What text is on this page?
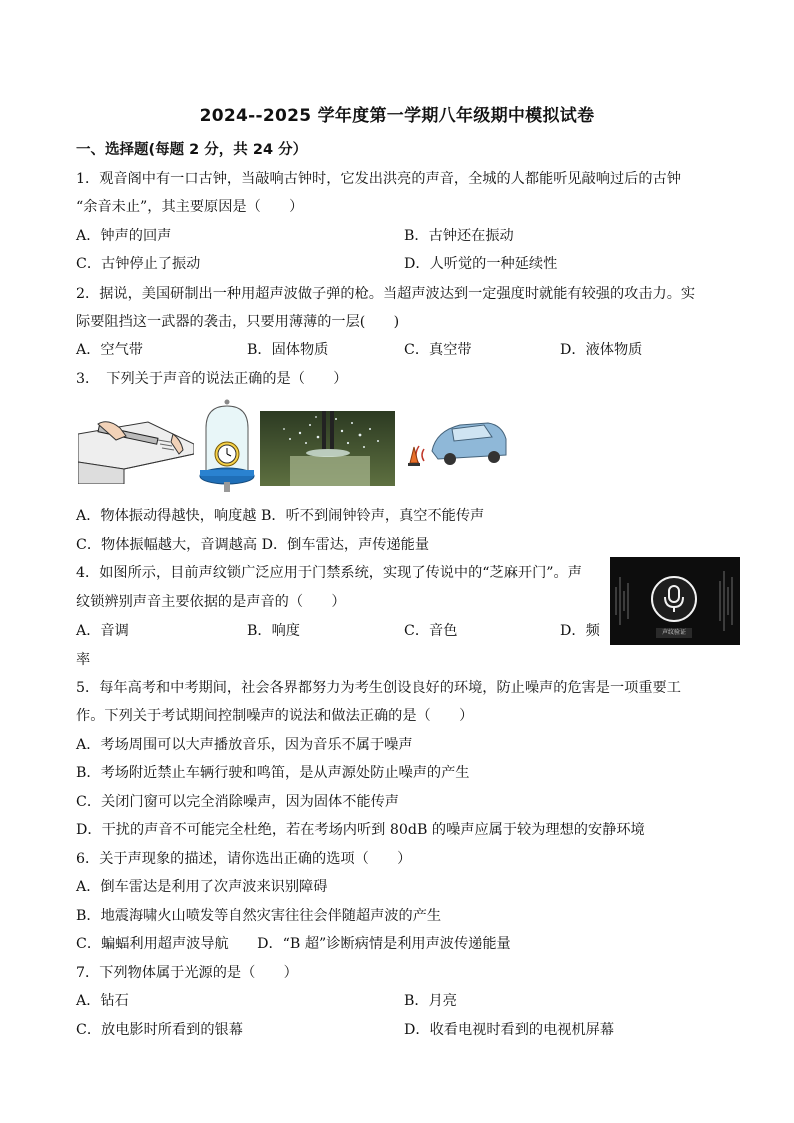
2024--2025 学年度第一学期八年级期中模拟试卷
一、选择题(每题 2 分，共 24 分）
1．观音阁中有一口古钟，当敲响古钟时，它发出洪亮的声音，全城的人都能听见敲响过后的古钟
“余音未止”，其主要原因是（　　）
A．钟声的回声	B．古钟还在振动
C．古钟停止了振动	D．人听觉的一种延续性
2．据说，美国研制出一种用超声波做子弹的枪。当超声波达到一定强度时就能有较强的攻击力。实
际要阻挡这一武器的袭击，只要用薄薄的一层(　　)
A．空气带	B．固体物质	C．真空带	D．液体物质
3．　下列关于声音的说法正确的是（　　）
A．物体振动得越快，响度越 B．听不到闹钟铃声，真空不能传声
C．物体振幅越大，音调越高 D．倒车雷达，声传递能量
4．如图所示，目前声纹锁广泛应用于门禁系统，实现了传说中的“芝麻开门”。声
纹锁辨别声音主要依据的是声音的（　　）
A．音调	B．响度	C．音色	D．频
率
声纹验证
5．每年高考和中考期间，社会各界都努力为考生创设良好的环境，防止噪声的危害是一项重要工
作。下列关于考试期间控制噪声的说法和做法正确的是（　　）
A．考场周围可以大声播放音乐，因为音乐不属于噪声
B．考场附近禁止车辆行驶和鸣笛，是从声源处防止噪声的产生
C．关闭门窗可以完全消除噪声，因为固体不能传声
D．干扰的声音不可能完全杜绝，若在考场内听到 80dB 的噪声应属于较为理想的安静环境
6．关于声现象的描述，请你选出正确的选项（　　）
A．倒车雷达是利用了次声波来识别障碍
B．地震海啸火山喷发等自然灾害往往会伴随超声波的产生
C．蝙蝠利用超声波导航　　D．“B 超”诊断病情是利用声波传递能量
7．下列物体属于光源的是（　　）
A．钻石	B．月亮
C．放电影时所看到的银幕	D．收看电视时看到的电视机屏幕
